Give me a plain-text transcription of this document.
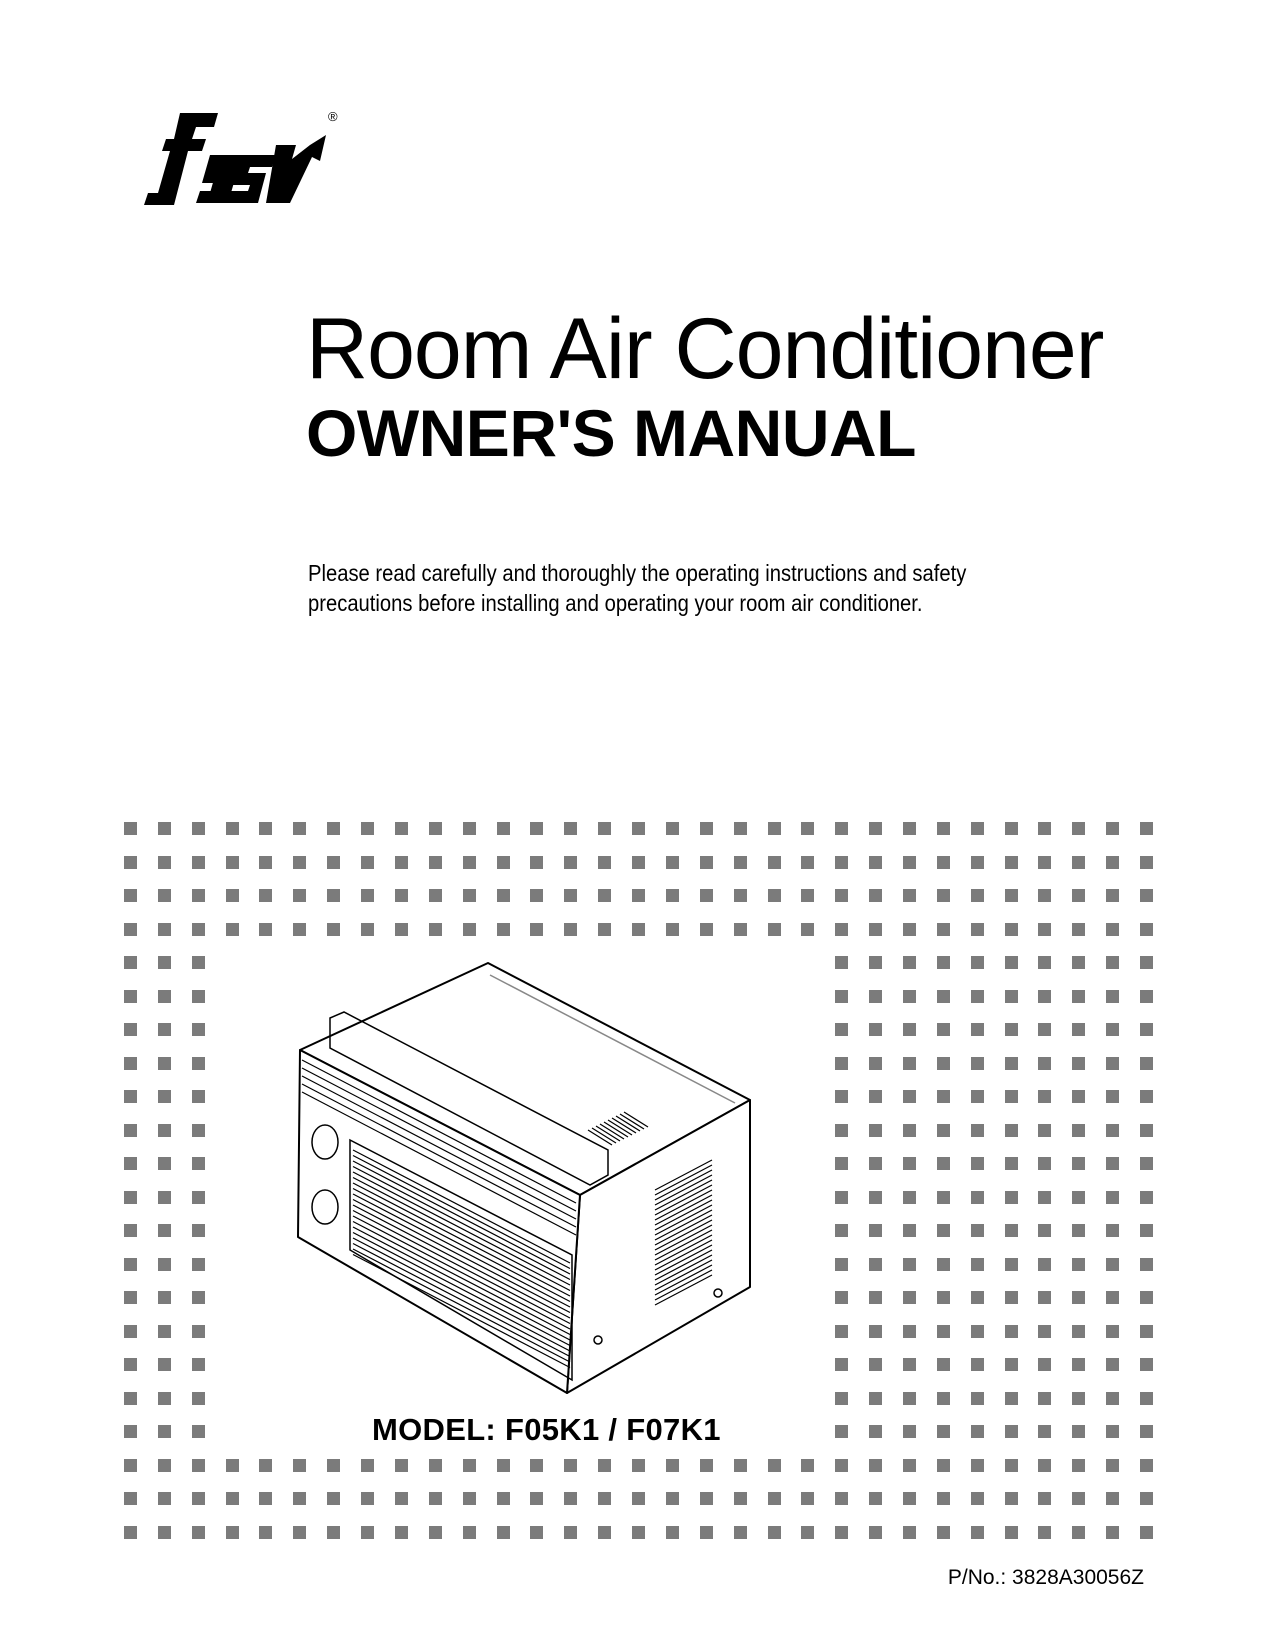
®
Room Air Conditioner
OWNER'S MANUAL

Please read carefully and thoroughly the operating instructions and safety

precautions before installing and operating your room air conditioner.

MODEL: F05K1 / F07K1
P/No.: 3828A30056Z
